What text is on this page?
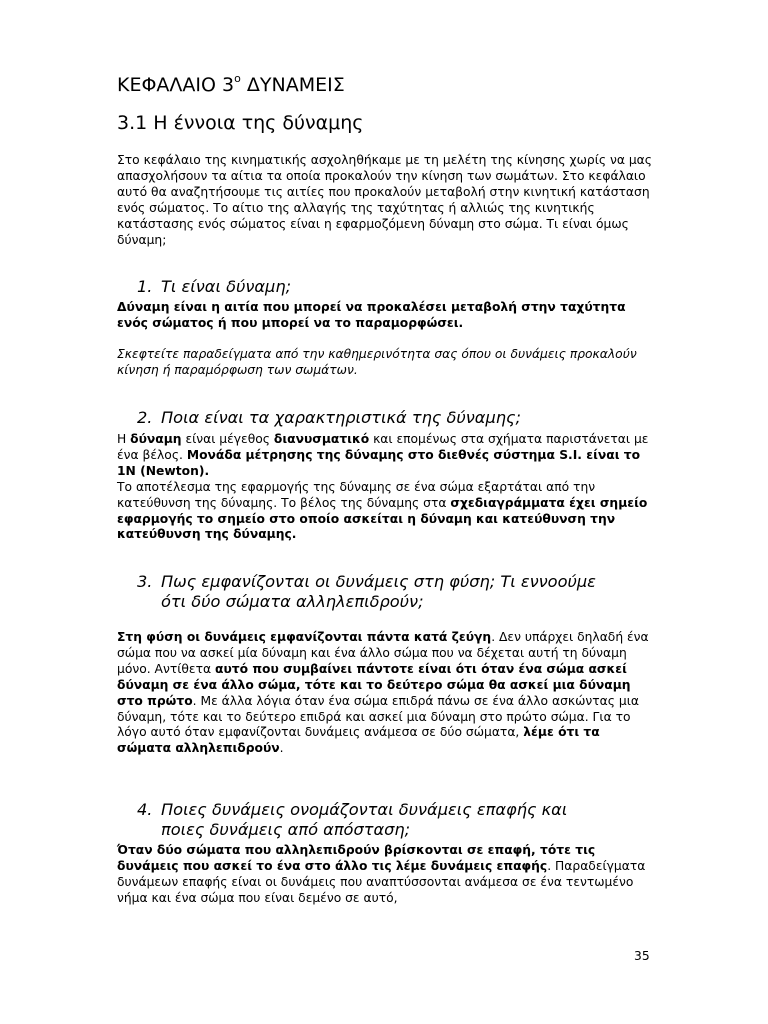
ΚΕΦΑΛΑΙΟ $3^o$ ΔΥΝΑΜΕΙΣ
3.1 Η έννοια της δύναμης

Στο κεφάλαιο της κινηματικής ασχοληθήκαμε με τη μελέτη της κίνησης χωρίς να μας απασχολήσουν τα αίτια τα οποία προκαλούν την κίνηση των σωμάτων. Στο κεφάλαιο αυτό θα αναζητήσουμε τις αιτίες που προκαλούν μεταβολή στην κινητική κατάσταση ενός σώματος. Το αίτιο της αλλαγής της ταχύτητας ή αλλιώς της κινητικής κατάστασης ενός σώματος είναι η εφαρμοζόμενη δύναμη στο σώμα. Τι είναι όμως δύναμη;

1. Τι είναι δύναμη;

Δύναμη είναι η αιτία που μπορεί να προκαλέσει μεταβολή στην ταχύτητα ενός σώματος ή που μπορεί να το παραμορφώσει.

Σκεφτείτε παραδείγματα από την καθημερινότητα σας όπου οι δυνάμεις προκαλούν κίνηση ή παραμόρφωση των σωμάτων.

2. Ποια είναι τα χαρακτηριστικά της δύναμης;

Η δύναμη είναι μέγεθος διανυσματικό και επομένως στα σχήματα παριστάνεται με ένα βέλος. Μονάδα μέτρησης της δύναμης στο διεθνές σύστημα S.I. είναι το 1N (Newton).
Το αποτέλεσμα της εφαρμογής της δύναμης σε ένα σώμα εξαρτάται από την κατεύθυνση της δύναμης. Το βέλος της δύναμης στα σχεδιαγράμματα έχει σημείο εφαρμογής το σημείο στο οποίο ασκείται η δύναμη και κατεύθυνση την κατεύθυνση της δύναμης.

3. Πως εμφανίζονται οι δυνάμεις στη φύση; Τι εννοούμε
ότι δύο σώματα αλληλεπιδρούν;

Στη φύση οι δυνάμεις εμφανίζονται πάντα κατά ζεύγη. Δεν υπάρχει δηλαδή ένα σώμα που να ασκεί μία δύναμη και ένα άλλο σώμα που να δέχεται αυτή τη δύναμη μόνο. Αντίθετα αυτό που συμβαίνει πάντοτε είναι ότι όταν ένα σώμα ασκεί δύναμη σε ένα άλλο σώμα, τότε και το δεύτερο σώμα θα ασκεί μια δύναμη στο πρώτο. Με άλλα λόγια όταν ένα σώμα επιδρά πάνω σε ένα άλλο ασκώντας μια δύναμη, τότε και το δεύτερο επιδρά και ασκεί μια δύναμη στο πρώτο σώμα. Για το λόγο αυτό όταν εμφανίζονται δυνάμεις ανάμεσα σε δύο σώματα, λέμε ότι τα σώματα αλληλεπιδρούν.

4. Ποιες δυνάμεις ονομάζονται δυνάμεις επαφής και
ποιες δυνάμεις από απόσταση;

Όταν δύο σώματα που αλληλεπιδρούν βρίσκονται σε επαφή, τότε τις δυνάμεις που ασκεί το ένα στο άλλο τις λέμε δυνάμεις επαφής. Παραδείγματα δυνάμεων επαφής είναι οι δυνάμεις που αναπτύσσονται ανάμεσα σε ένα τεντωμένο νήμα και ένα σώμα που είναι δεμένο σε αυτό,

35
